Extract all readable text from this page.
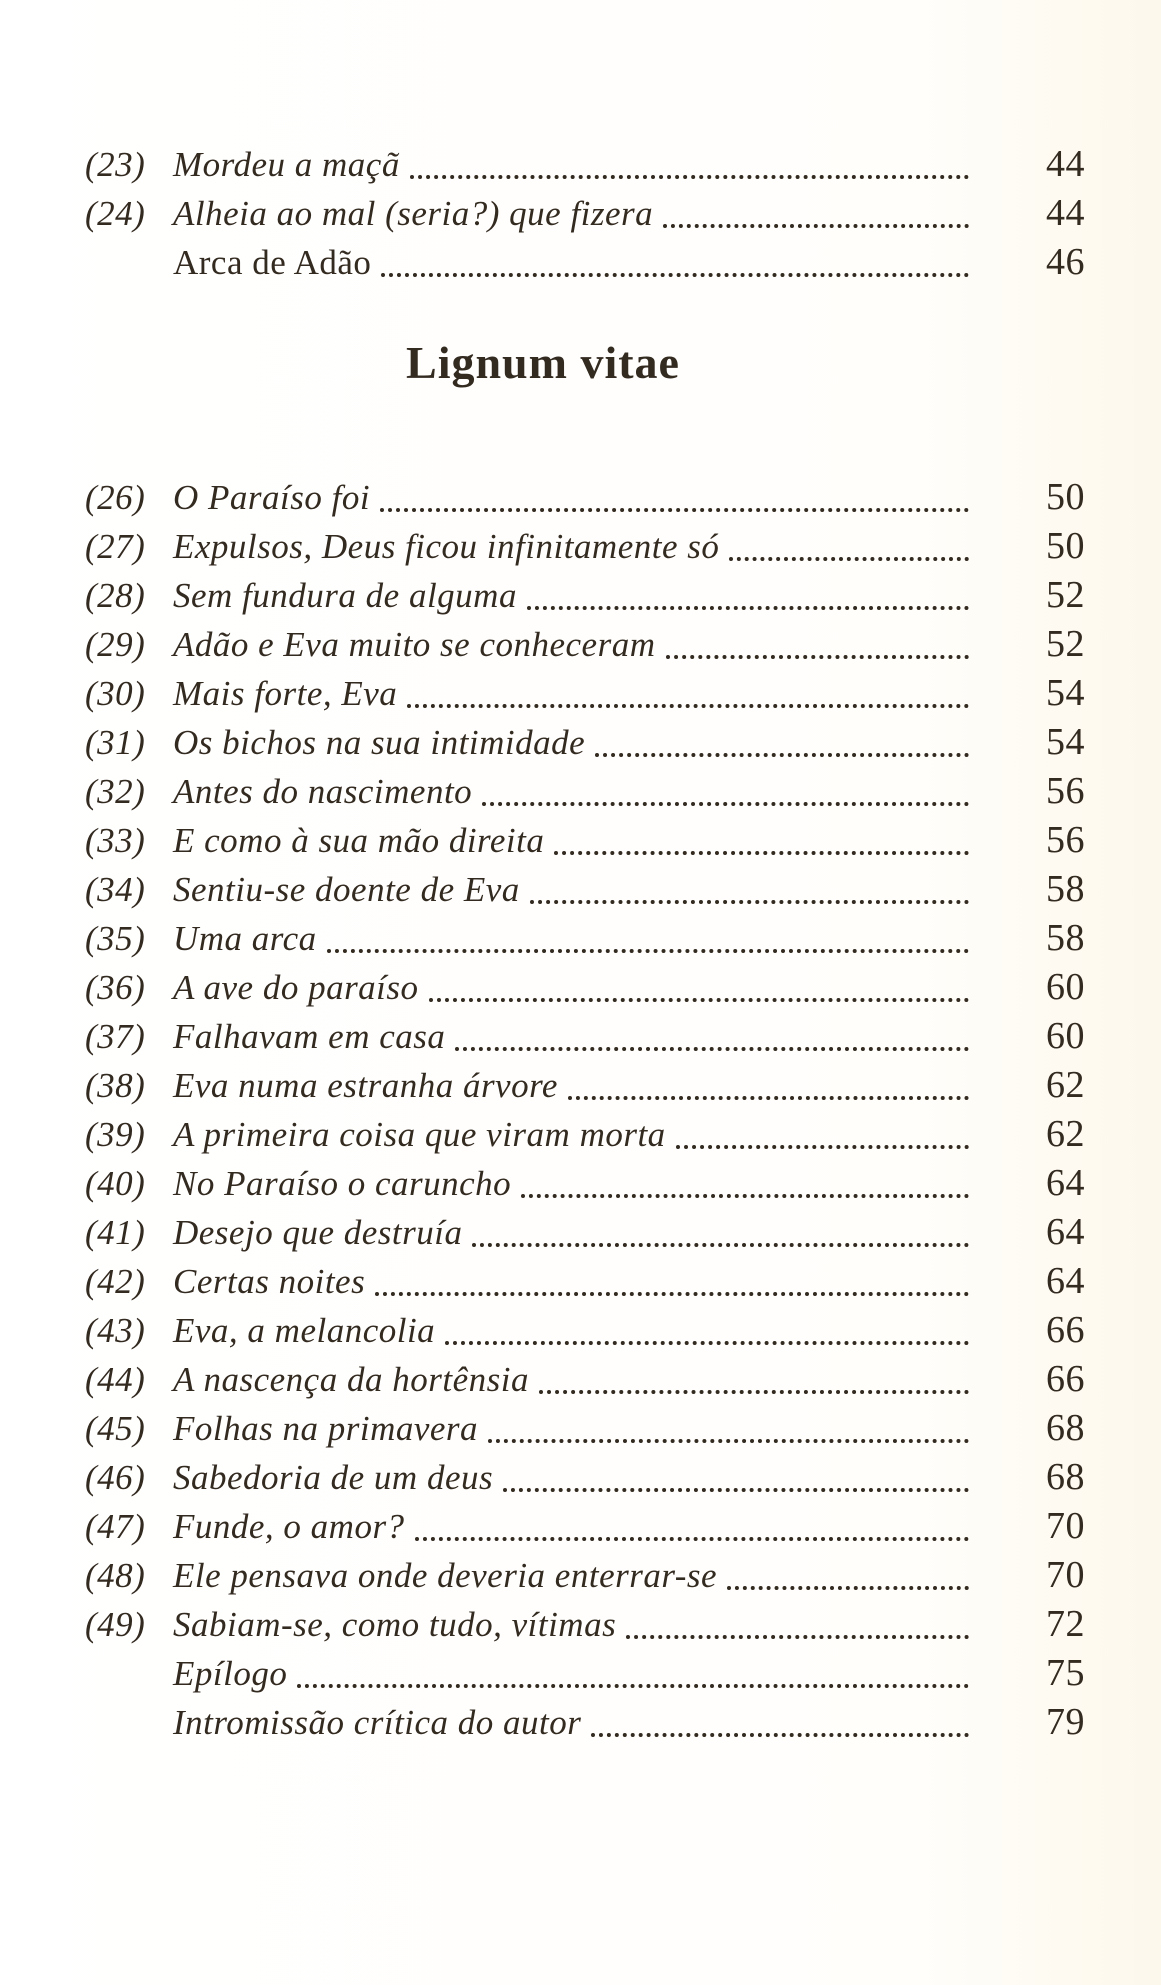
(23) Mordeu a maçã	44
(24) Alheia ao mal (seria?) que fizera	44
Arca de Adão	46
Lignum vitae
(26) O Paraíso foi	50
(27) Expulsos, Deus ficou infinitamente só	50
(28) Sem fundura de alguma	52
(29) Adão e Eva muito se conheceram	52
(30) Mais forte, Eva	54
(31) Os bichos na sua intimidade	54
(32) Antes do nascimento	56
(33) E como à sua mão direita	56
(34) Sentiu-se doente de Eva	58
(35) Uma arca	58
(36) A ave do paraíso	60
(37) Falhavam em casa	60
(38) Eva numa estranha árvore	62
(39) A primeira coisa que viram morta	62
(40) No Paraíso o caruncho	64
(41) Desejo que destruía	64
(42) Certas noites	64
(43) Eva, a melancolia	66
(44) A nascença da hortênsia	66
(45) Folhas na primavera	68
(46) Sabedoria de um deus	68
(47) Funde, o amor?	70
(48) Ele pensava onde deveria enterrar-se	70
(49) Sabiam-se, como tudo, vítimas	72
Epílogo	75
Intromissão crítica do autor	79
